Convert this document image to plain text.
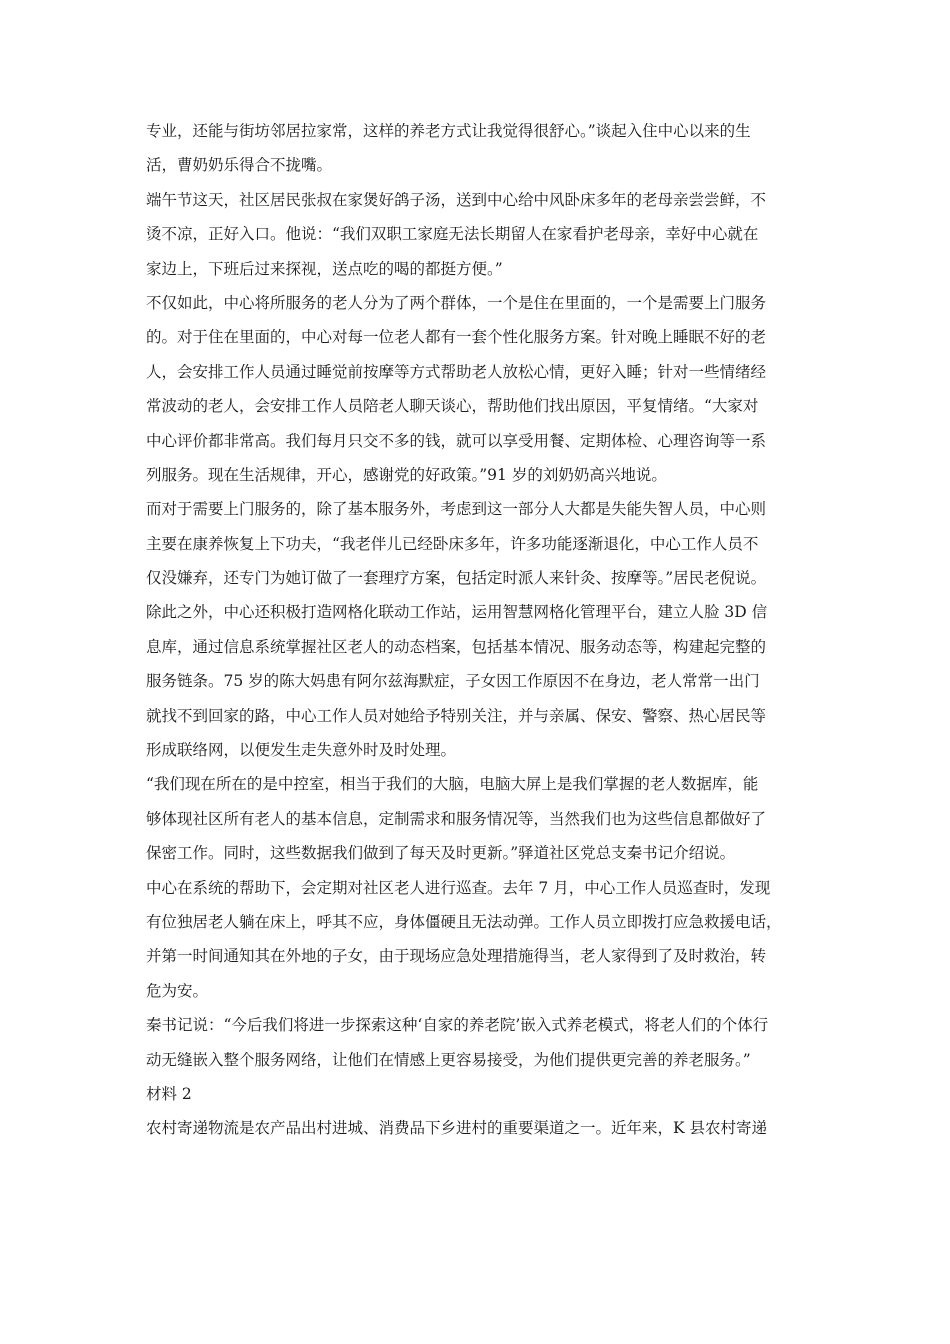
专业，还能与街坊邻居拉家常，这样的养老方式让我觉得很舒心。”谈起入住中心以来的生
活，曹奶奶乐得合不拢嘴。
端午节这天，社区居民张叔在家煲好鸽子汤，送到中心给中风卧床多年的老母亲尝尝鲜，不
烫不凉，正好入口。他说：“我们双职工家庭无法长期留人在家看护老母亲，幸好中心就在
家边上，下班后过来探视，送点吃的喝的都挺方便。”
不仅如此，中心将所服务的老人分为了两个群体，一个是住在里面的，一个是需要上门服务
的。对于住在里面的，中心对每一位老人都有一套个性化服务方案。针对晚上睡眠不好的老
人，会安排工作人员通过睡觉前按摩等方式帮助老人放松心情，更好入睡；针对一些情绪经
常波动的老人，会安排工作人员陪老人聊天谈心，帮助他们找出原因，平复情绪。“大家对
中心评价都非常高。我们每月只交不多的钱，就可以享受用餐、定期体检、心理咨询等一系
列服务。现在生活规律，开心，感谢党的好政策。”91 岁的刘奶奶高兴地说。
而对于需要上门服务的，除了基本服务外，考虑到这一部分人大都是失能失智人员，中心则
主要在康养恢复上下功夫，“我老伴儿已经卧床多年，许多功能逐渐退化，中心工作人员不
仅没嫌弃，还专门为她订做了一套理疗方案，包括定时派人来针灸、按摩等。”居民老倪说。
除此之外，中心还积极打造网格化联动工作站，运用智慧网格化管理平台，建立人脸 3D 信
息库，通过信息系统掌握社区老人的动态档案，包括基本情况、服务动态等，构建起完整的
服务链条。75 岁的陈大妈患有阿尔兹海默症，子女因工作原因不在身边，老人常常一出门
就找不到回家的路，中心工作人员对她给予特别关注，并与亲属、保安、警察、热心居民等
形成联络网，以便发生走失意外时及时处理。
“我们现在所在的是中控室，相当于我们的大脑，电脑大屏上是我们掌握的老人数据库，能
够体现社区所有老人的基本信息，定制需求和服务情况等，当然我们也为这些信息都做好了
保密工作。同时，这些数据我们做到了每天及时更新。”驿道社区党总支秦书记介绍说。
中心在系统的帮助下，会定期对社区老人进行巡查。去年 7 月，中心工作人员巡查时，发现
有位独居老人躺在床上，呼其不应，身体僵硬且无法动弹。工作人员立即拨打应急救援电话，
并第一时间通知其在外地的子女，由于现场应急处理措施得当，老人家得到了及时救治，转
危为安。
秦书记说：“今后我们将进一步探索这种‘自家的养老院’嵌入式养老模式，将老人们的个体行
动无缝嵌入整个服务网络，让他们在情感上更容易接受，为他们提供更完善的养老服务。”
材料 2
农村寄递物流是农产品出村进城、消费品下乡进村的重要渠道之一。近年来，K 县农村寄递
